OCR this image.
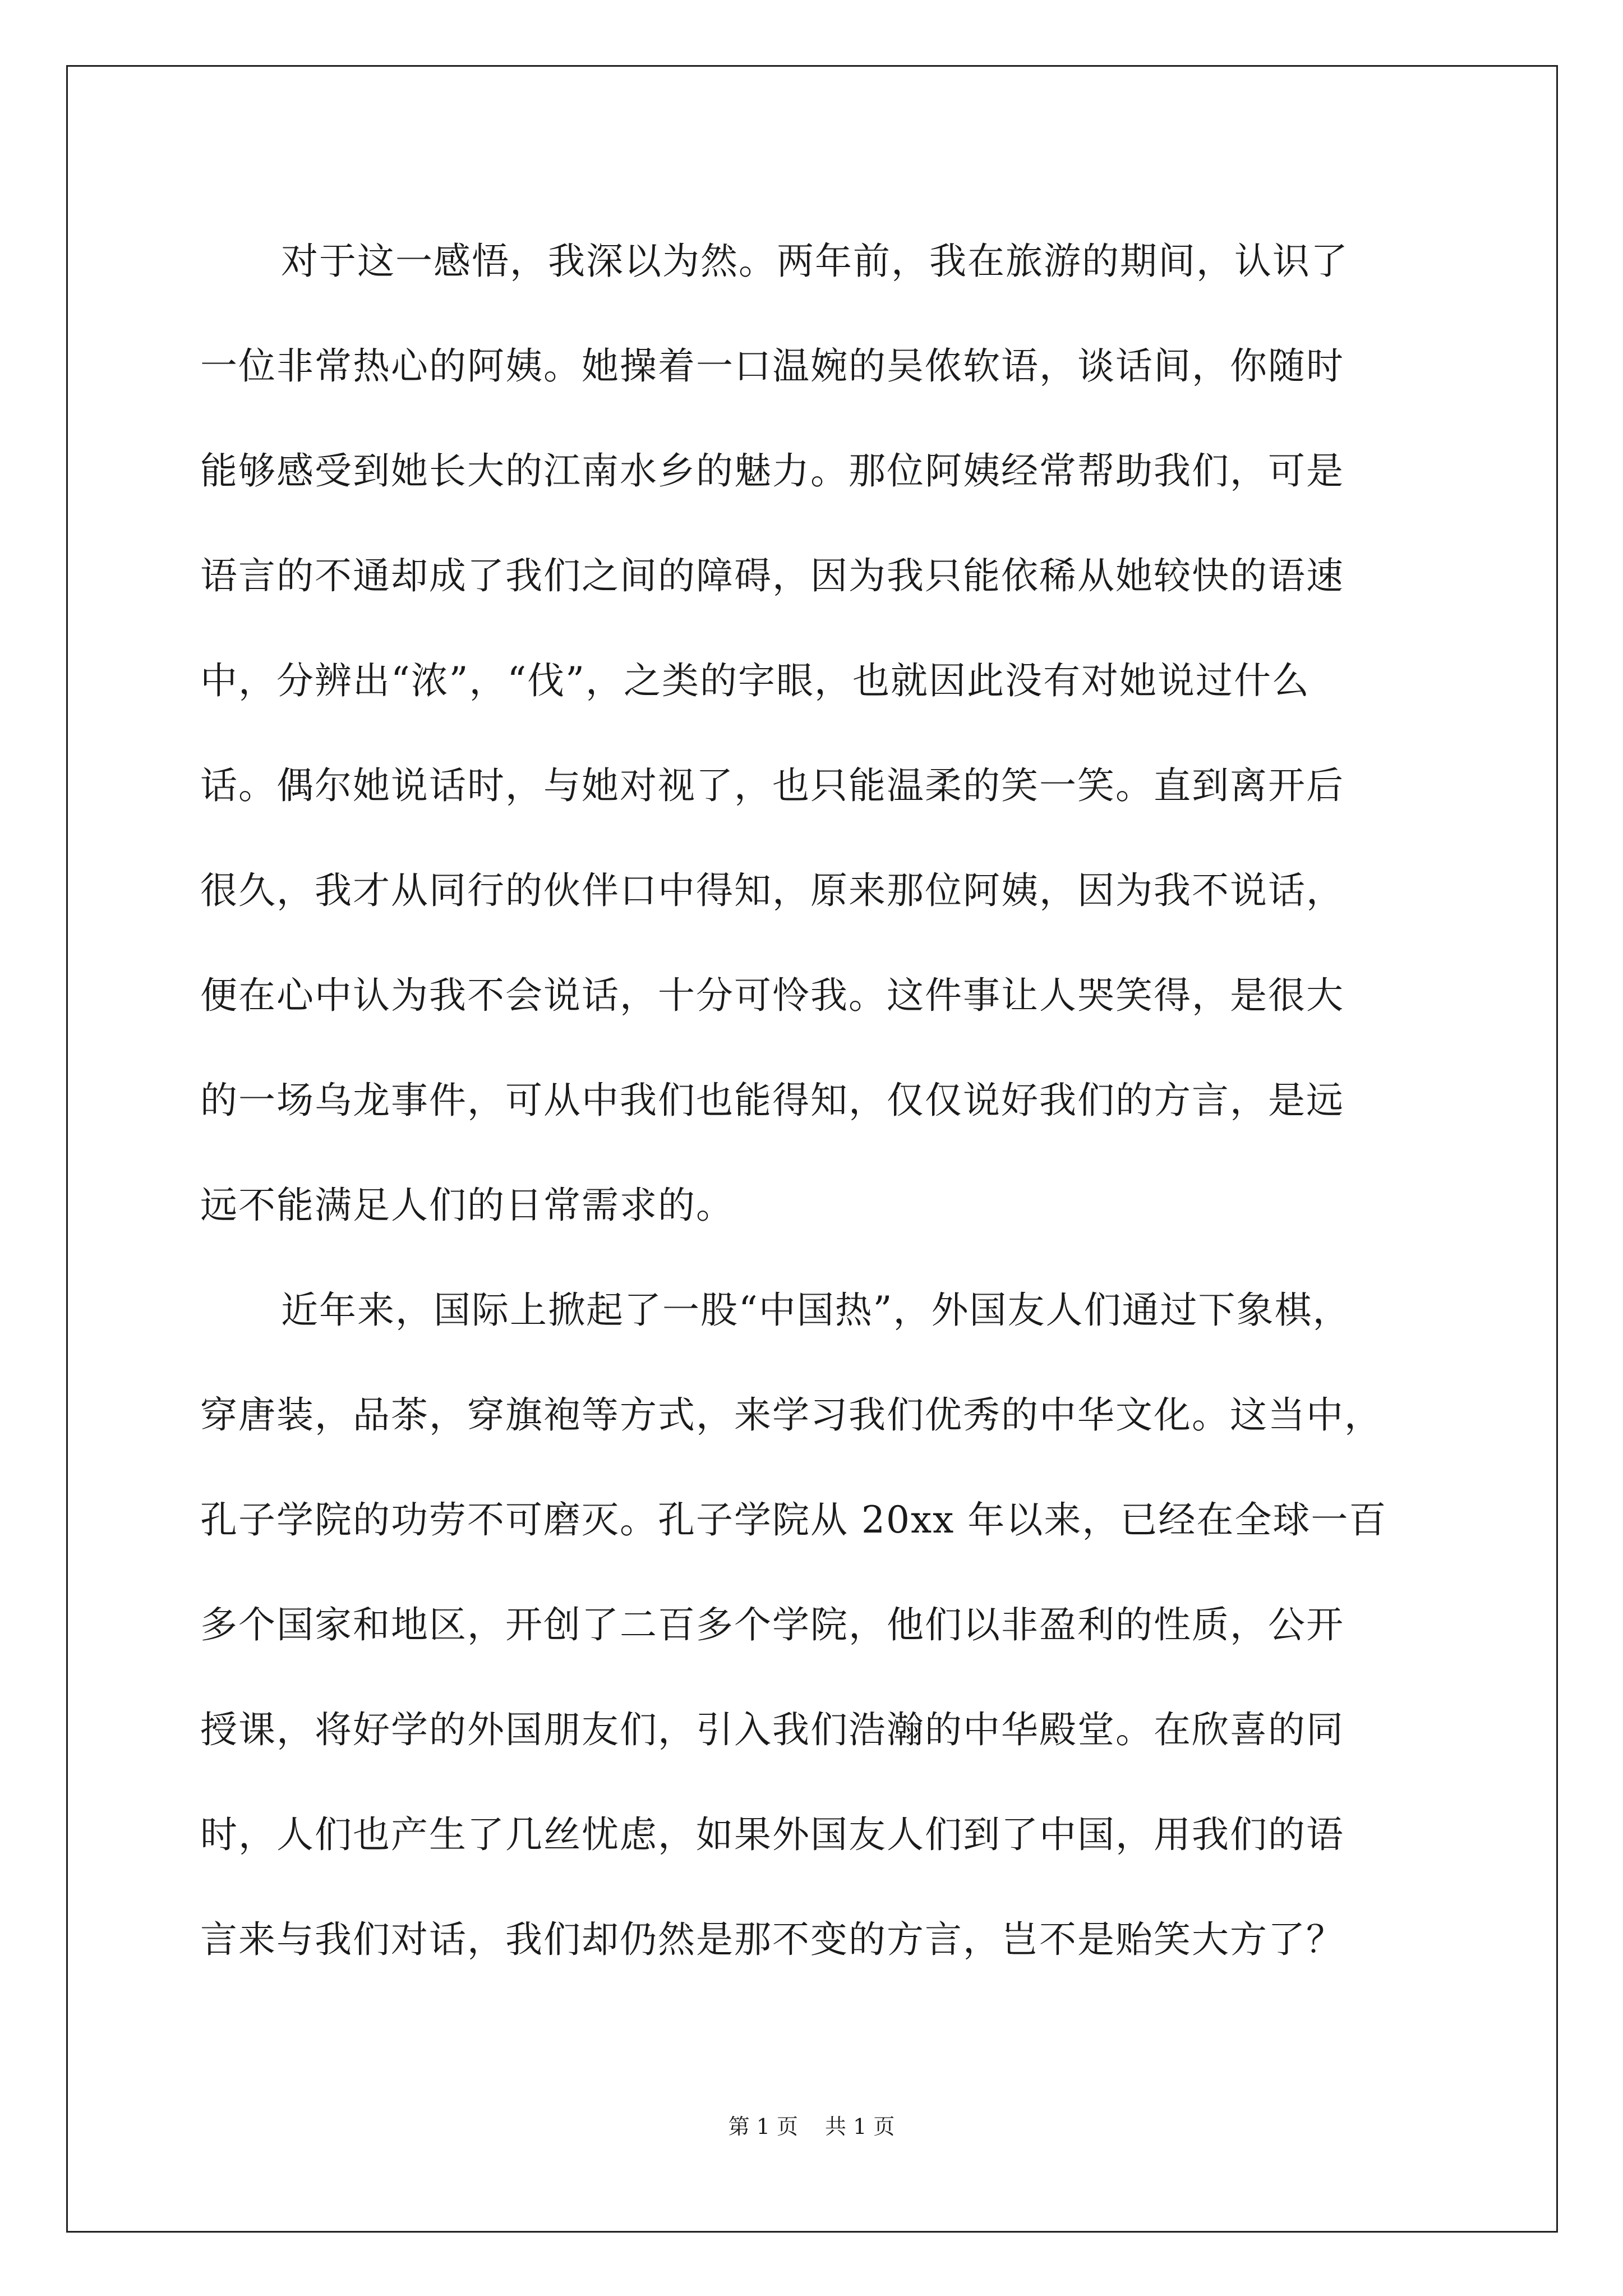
对于这一感悟，我深以为然。两年前，我在旅游的期间，认识了
一位非常热心的阿姨。她操着一口温婉的吴侬软语，谈话间，你随时
能够感受到她长大的江南水乡的魅力。那位阿姨经常帮助我们，可是
语言的不通却成了我们之间的障碍，因为我只能依稀从她较快的语速
中，分辨出“浓”，“伐”，之类的字眼，也就因此没有对她说过什么
话。偶尔她说话时，与她对视了，也只能温柔的笑一笑。直到离开后
很久，我才从同行的伙伴口中得知，原来那位阿姨，因为我不说话，
便在心中认为我不会说话，十分可怜我。这件事让人哭笑得，是很大
的一场乌龙事件，可从中我们也能得知，仅仅说好我们的方言，是远
远不能满足人们的日常需求的。
近年来，国际上掀起了一股“中国热”，外国友人们通过下象棋，
穿唐装，品茶，穿旗袍等方式，来学习我们优秀的中华文化。这当中，
孔子学院的功劳不可磨灭。孔子学院从 20xx 年以来，已经在全球一百
多个国家和地区，开创了二百多个学院，他们以非盈利的性质，公开
授课，将好学的外国朋友们，引入我们浩瀚的中华殿堂。在欣喜的同
时，人们也产生了几丝忧虑，如果外国友人们到了中国，用我们的语
言来与我们对话，我们却仍然是那不变的方言，岂不是贻笑大方了？
第 1 页 共 1 页
